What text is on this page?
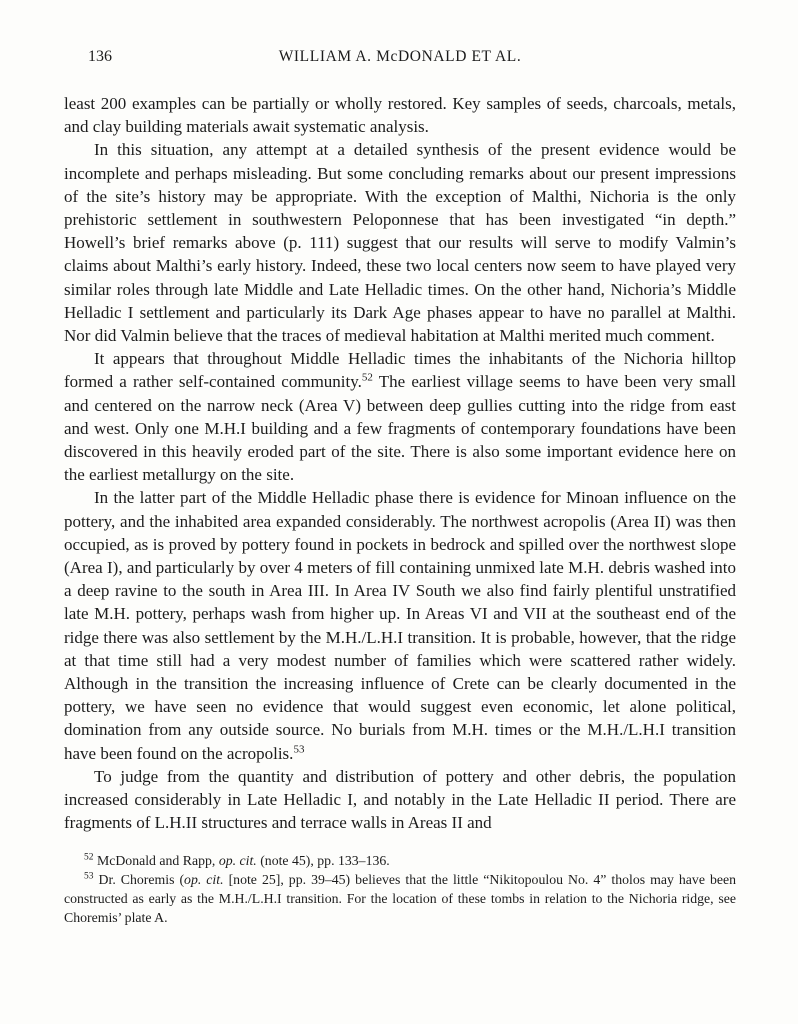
136	WILLIAM A. McDONALD ET AL.

least 200 examples can be partially or wholly restored. Key samples of seeds, charcoals, metals, and clay building materials await systematic analysis.

In this situation, any attempt at a detailed synthesis of the present evidence would be incomplete and perhaps misleading. But some concluding remarks about our present impressions of the site’s history may be appropriate. With the exception of Malthi, Nichoria is the only prehistoric settlement in southwestern Peloponnese that has been investigated “in depth.” Howell’s brief remarks above (p. 111) suggest that our results will serve to modify Valmin’s claims about Malthi’s early history. Indeed, these two local centers now seem to have played very similar roles through late Middle and Late Helladic times. On the other hand, Nichoria’s Middle Helladic I settlement and particularly its Dark Age phases appear to have no parallel at Malthi. Nor did Valmin believe that the traces of medieval habitation at Malthi merited much comment.

It appears that throughout Middle Helladic times the inhabitants of the Nichoria hilltop formed a rather self-contained community.$^{52}$ The earliest village seems to have been very small and centered on the narrow neck (Area V) between deep gullies cutting into the ridge from east and west. Only one M.H.I building and a few fragments of contemporary foundations have been discovered in this heavily eroded part of the site. There is also some important evidence here on the earliest metallurgy on the site.

In the latter part of the Middle Helladic phase there is evidence for Minoan influence on the pottery, and the inhabited area expanded considerably. The northwest acropolis (Area II) was then occupied, as is proved by pottery found in pockets in bedrock and spilled over the northwest slope (Area I), and particularly by over 4 meters of fill containing unmixed late M.H. debris washed into a deep ravine to the south in Area III. In Area IV South we also find fairly plentiful unstratified late M.H. pottery, perhaps wash from higher up. In Areas VI and VII at the southeast end of the ridge there was also settlement by the M.H./L.H.I transition. It is probable, however, that the ridge at that time still had a very modest number of families which were scattered rather widely. Although in the transition the increasing influence of Crete can be clearly documented in the pottery, we have seen no evidence that would suggest even economic, let alone political, domination from any outside source. No burials from M.H. times or the M.H./L.H.I transition have been found on the acropolis.$^{53}$

To judge from the quantity and distribution of pottery and other debris, the population increased considerably in Late Helladic I, and notably in the Late Helladic II period. There are fragments of L.H.II structures and terrace walls in Areas II and

$^{52}$ McDonald and Rapp, op. cit. (note 45), pp. 133–136.

$^{53}$ Dr. Choremis (op. cit. [note 25], pp. 39–45) believes that the little “Nikitopoulou No. 4” tholos may have been constructed as early as the M.H./L.H.I transition. For the location of these tombs in relation to the Nichoria ridge, see Choremis’ plate A.
